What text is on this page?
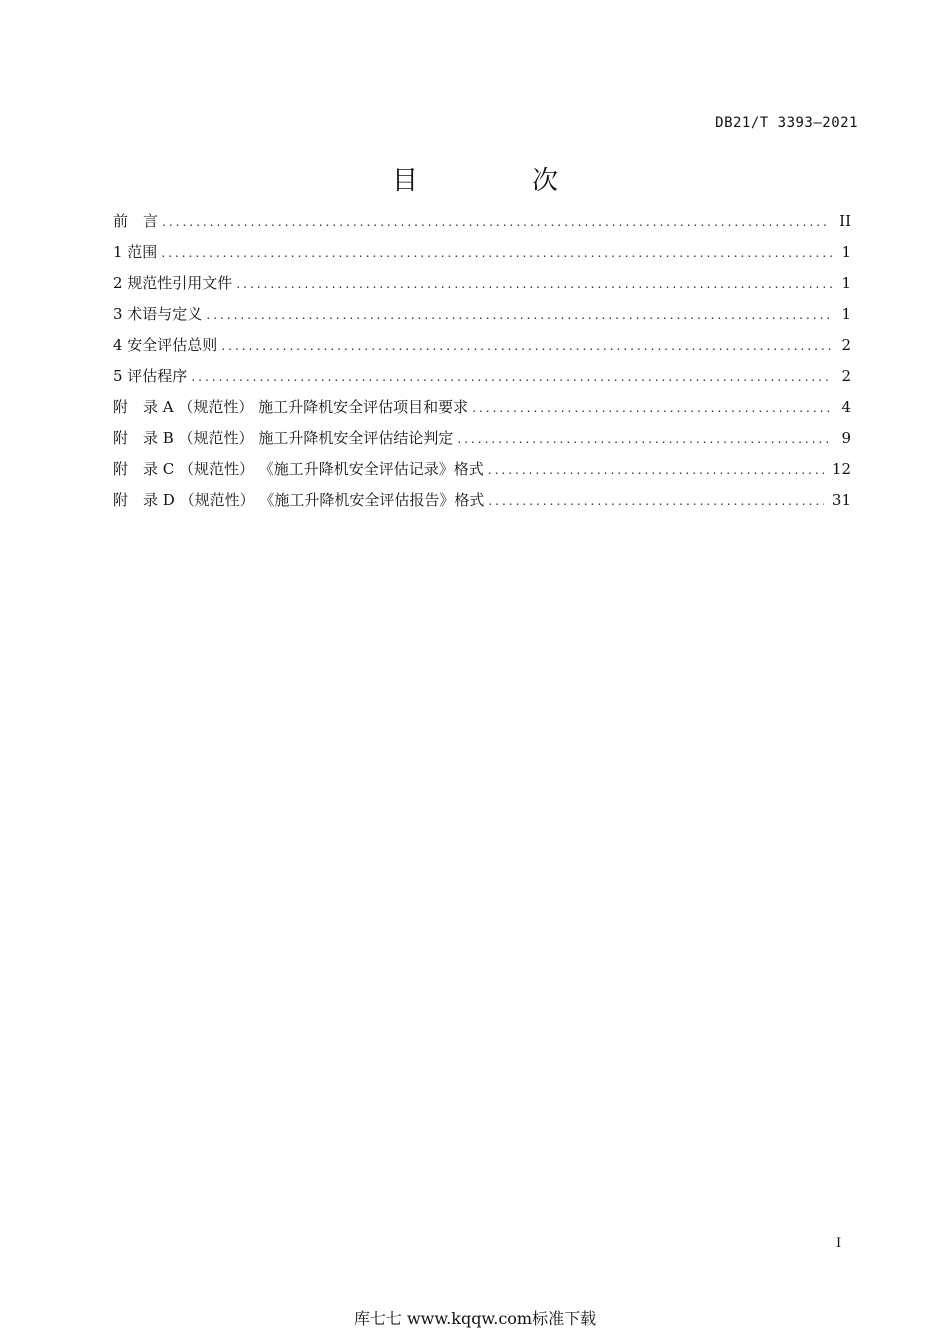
DB21/T 3393—2021
目　次
前　言 .....	II
1 范围 .....	1
2 规范性引用文件 .....	1
3 术语与定义 .....	1
4 安全评估总则 .....	2
5 评估程序 .....	2
附　录 A （规范性） 施工升降机安全评估项目和要求 .....	4
附　录 B （规范性） 施工升降机安全评估结论判定 .....	9
附　录 C （规范性） 《施工升降机安全评估记录》格式 .....	12
附　录 D （规范性） 《施工升降机安全评估报告》格式 .....	31
I
库七七 www.kqqw.com标准下载
